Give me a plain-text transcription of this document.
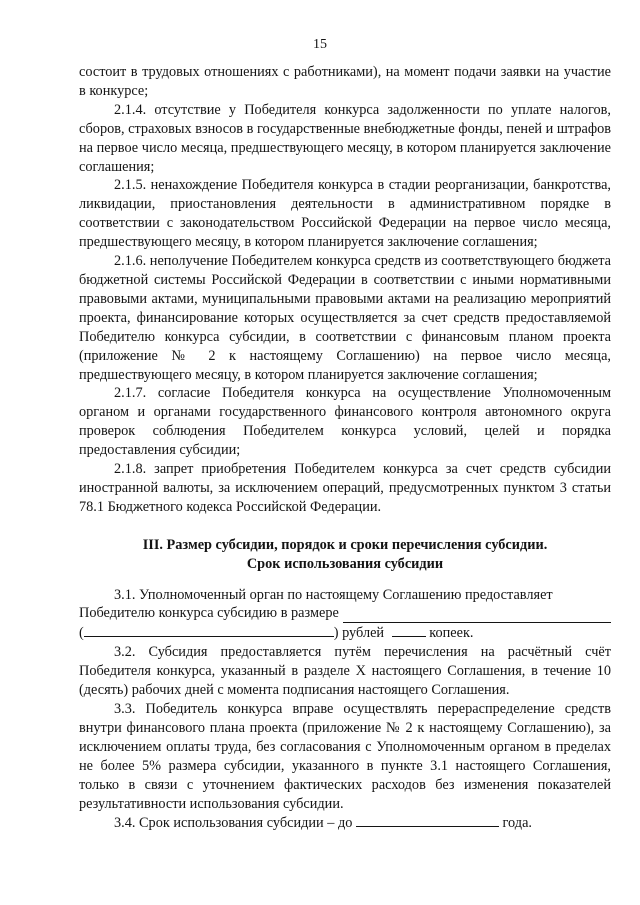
15

состоит в трудовых отношениях с работниками), на момент подачи заявки на участие в конкурсе;

2.1.4. отсутствие у Победителя конкурса задолженности по уплате налогов, сборов, страховых взносов в государственные внебюджетные фонды, пеней и штрафов на первое число месяца, предшествующего месяцу, в котором планируется заключение соглашения;

2.1.5. ненахождение Победителя конкурса в стадии реорганизации, банкротства, ликвидации, приостановления деятельности в административном порядке в соответствии с законодательством Российской Федерации на первое число месяца, предшествующего месяцу, в котором планируется заключение соглашения;

2.1.6. неполучение Победителем конкурса средств из соответствующего бюджета бюджетной системы Российской Федерации в соответствии с иными нормативными правовыми актами, муниципальными правовыми актами на реализацию мероприятий проекта, финансирование которых осуществляется за счет средств предоставляемой Победителю конкурса субсидии, в соответствии с финансовым планом проекта (приложение № 2 к настоящему Соглашению) на первое число месяца, предшествующего месяцу, в котором планируется заключение соглашения;

2.1.7. согласие Победителя конкурса на осуществление Уполномоченным органом и органами государственного финансового контроля автономного округа проверок соблюдения Победителем конкурса условий, целей и порядка предоставления субсидии;

2.1.8. запрет приобретения Победителем конкурса за счет средств субсидии иностранной валюты, за исключением операций, предусмотренных пунктом 3 статьи 78.1 Бюджетного кодекса Российской Федерации.

III. Размер субсидии, порядок и сроки перечисления субсидии.
Срок использования субсидии

3.1. Уполномоченный орган по настоящему Соглашению предоставляет

Победителю конкурса субсидию в размере
(	) рублей	копеек.

3.2. Субсидия предоставляется путём перечисления на расчётный счёт Победителя конкурса, указанный в разделе X настоящего Соглашения, в течение 10 (десять) рабочих дней с момента подписания настоящего Соглашения.

3.3. Победитель конкурса вправе осуществлять перераспределение средств внутри финансового плана проекта (приложение № 2 к настоящему Соглашению), за исключением оплаты труда, без согласования с Уполномоченным органом в пределах не более 5% размера субсидии, указанного в пункте 3.1 настоящего Соглашения, только в связи с уточнением фактических расходов без изменения показателей результативности использования субсидии.

3.4. Срок использования субсидии – до	года.
